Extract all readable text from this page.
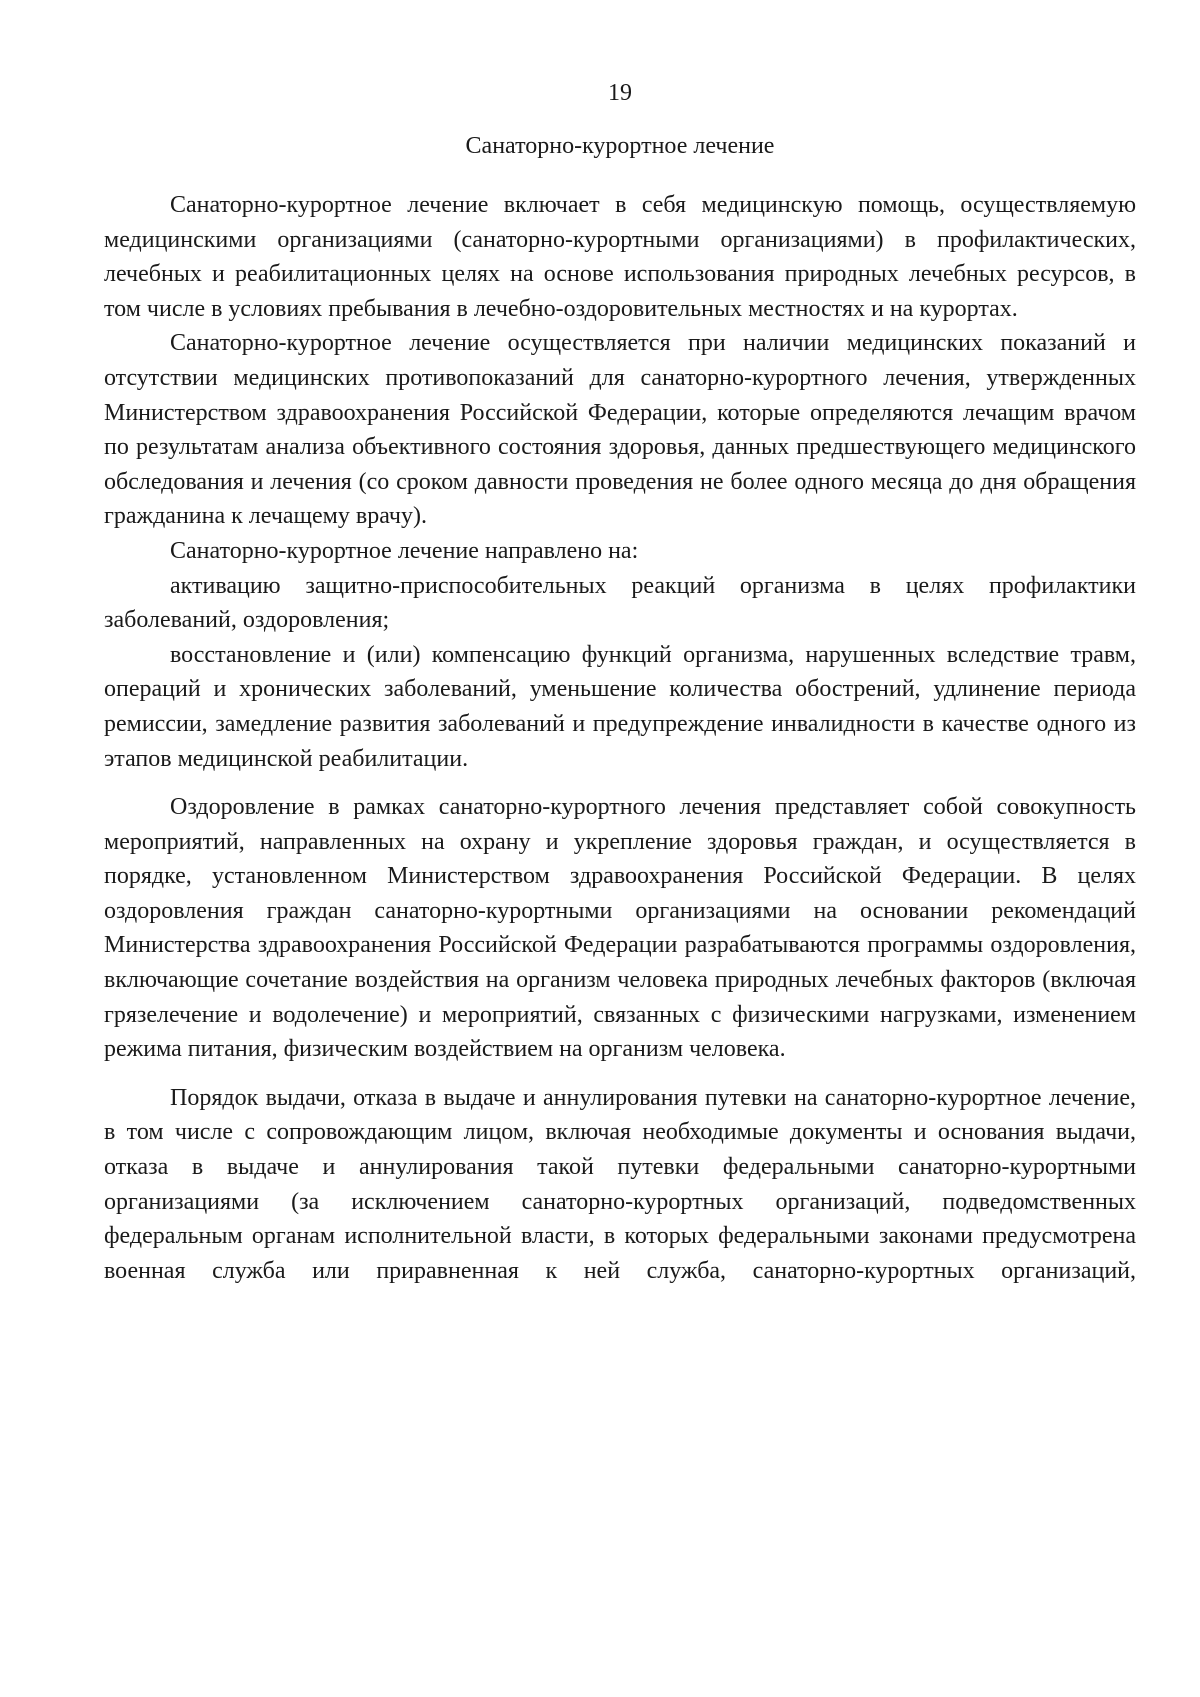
19
Санаторно-курортное лечение

Санаторно-курортное лечение включает в себя медицинскую помощь, осуществляемую медицинскими организациями (санаторно-курортными организациями) в профилактических, лечебных и реабилитационных целях на основе использования природных лечебных ресурсов, в том числе в условиях пребывания в лечебно-оздоровительных местностях и на курортах.

Санаторно-курортное лечение осуществляется при наличии медицинских показаний и отсутствии медицинских противопоказаний для санаторно-курортного лечения, утвержденных Министерством здравоохранения Российской Федерации, которые определяются лечащим врачом по результатам анализа объективного состояния здоровья, данных предшествующего медицинского обследования и лечения (со сроком давности проведения не более одного месяца до дня обращения гражданина к лечащему врачу).

Санаторно-курортное лечение направлено на:

активацию защитно-приспособительных реакций организма в целях профилактики заболеваний, оздоровления;

восстановление и (или) компенсацию функций организма, нарушенных вследствие травм, операций и хронических заболеваний, уменьшение количества обострений, удлинение периода ремиссии, замедление развития заболеваний и предупреждение инвалидности в качестве одного из этапов медицинской реабилитации.

Оздоровление в рамках санаторно-курортного лечения представляет собой совокупность мероприятий, направленных на охрану и укрепление здоровья граждан, и осуществляется в порядке, установленном Министерством здравоохранения Российской Федерации. В целях оздоровления граждан санаторно-курортными организациями на основании рекомендаций Министерства здравоохранения Российской Федерации разрабатываются программы оздоровления, включающие сочетание воздействия на организм человека природных лечебных факторов (включая грязелечение и водолечение) и мероприятий, связанных с физическими нагрузками, изменением режима питания, физическим воздействием на организм человека.

Порядок выдачи, отказа в выдаче и аннулирования путевки на санаторно-курортное лечение, в том числе с сопровождающим лицом, включая необходимые документы и основания выдачи, отказа в выдаче и аннулирования такой путевки федеральными санаторно-курортными организациями (за исключением санаторно-курортных организаций, подведомственных федеральным органам исполнительной власти, в которых федеральными законами предусмотрена военная служба или приравненная к ней служба, санаторно-курортных организаций,
